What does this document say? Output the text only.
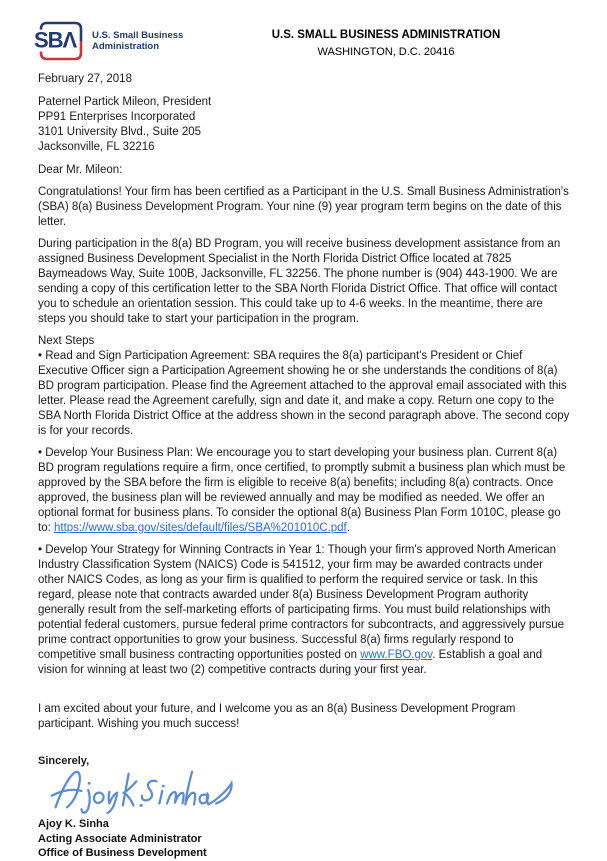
SBΛ U.S. Small Business
Administration
U.S. SMALL BUSINESS ADMINISTRATION
WASHINGTON, D.C. 20416

February 27, 2018

Paternel Partick Mileon, President
PP91 Enterprises Incorporated
3101 University Blvd., Suite 205
Jacksonville, FL 32216

Dear Mr. Mileon:

Congratulations! Your firm has been certified as a Participant in the U.S. Small Business Administration's (SBA) 8(a) Business Development Program. Your nine (9) year program term begins on the date of this letter.

During participation in the 8(a) BD Program, you will receive business development assistance from an assigned Business Development Specialist in the North Florida District Office located at 7825 Baymeadows Way, Suite 100B, Jacksonville, FL 32256. The phone number is (904) 443-1900. We are sending a copy of this certification letter to the SBA North Florida District Office. That office will contact you to schedule an orientation session. This could take up to 4-6 weeks. In the meantime, there are steps you should take to start your participation in the program.

Next Steps

• Read and Sign Participation Agreement: SBA requires the 8(a) participant's President or Chief Executive Officer sign a Participation Agreement showing he or she understands the conditions of 8(a) BD program participation. Please find the Agreement attached to the approval email associated with this letter. Please read the Agreement carefully, sign and date it, and make a copy. Return one copy to the SBA North Florida District Office at the address shown in the second paragraph above. The second copy is for your records.

• Develop Your Business Plan: We encourage you to start developing your business plan. Current 8(a) BD program regulations require a firm, once certified, to promptly submit a business plan which must be approved by the SBA before the firm is eligible to receive 8(a) benefits; including 8(a) contracts. Once approved, the business plan will be reviewed annually and may be modified as needed. We offer an optional format for business plans. To consider the optional 8(a) Business Plan Form 1010C, please go to: https://www.sba.gov/sites/default/files/SBA%201010C.pdf.

• Develop Your Strategy for Winning Contracts in Year 1: Though your firm's approved North American Industry Classification System (NAICS) Code is 541512, your firm may be awarded contracts under other NAICS Codes, as long as your firm is qualified to perform the required service or task. In this regard, please note that contracts awarded under 8(a) Business Development Program authority generally result from the self-marketing efforts of participating firms. You must build relationships with potential federal customers, pursue federal prime contractors for subcontracts, and aggressively pursue prime contract opportunities to grow your business. Successful 8(a) firms regularly respond to competitive small business contracting opportunities posted on www.FBO.gov. Establish a goal and vision for winning at least two (2) competitive contracts during your first year.

I am excited about your future, and I welcome you as an 8(a) Business Development Program participant. Wishing you much success!

Sincerely,

Ajoy K. Sinha
Acting Associate Administrator
Office of Business Development
